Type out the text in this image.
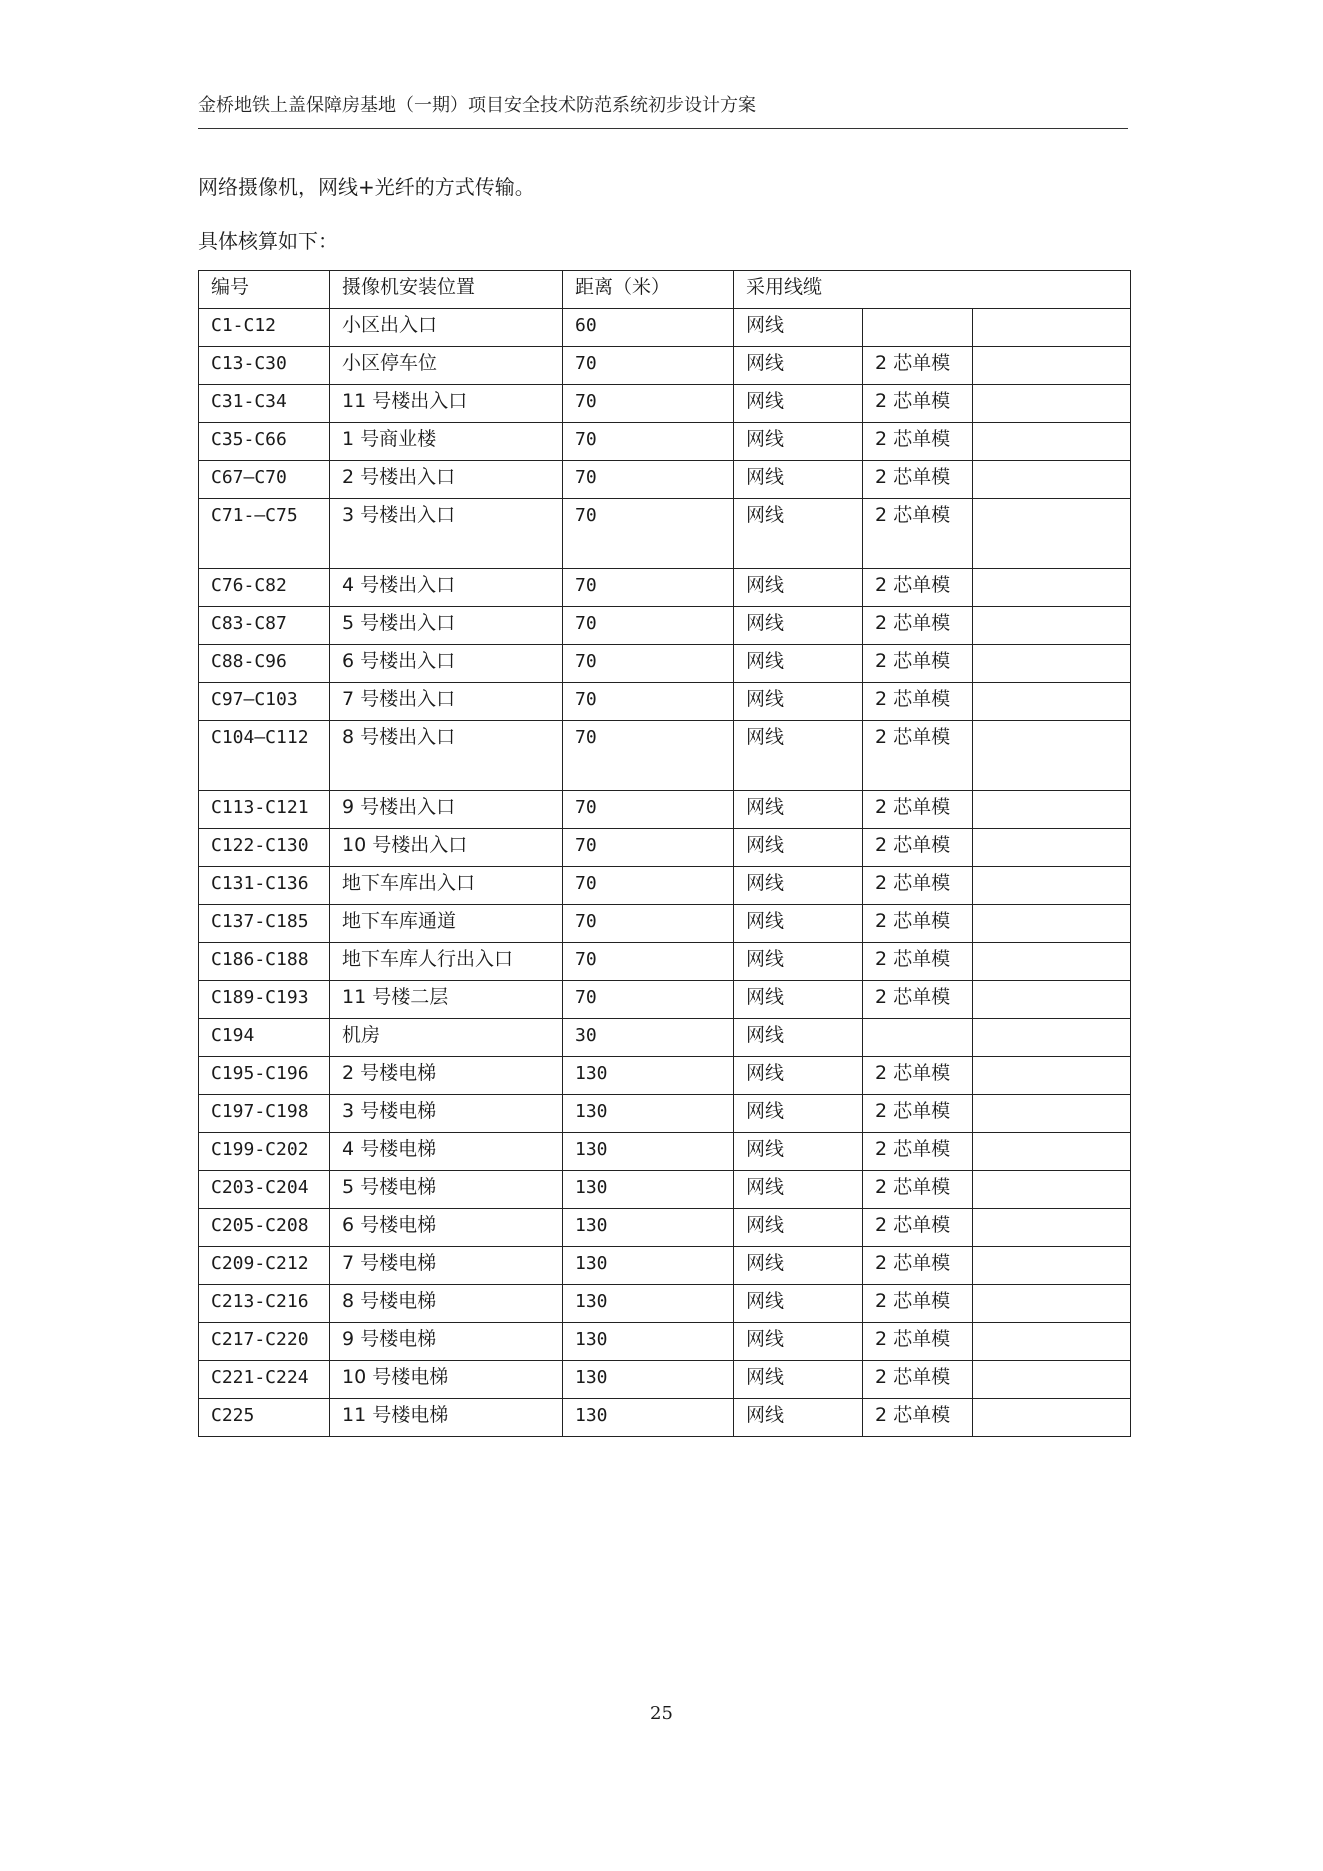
金桥地铁上盖保障房基地（一期）项目安全技术防范系统初步设计方案
网络摄像机，网线+光纤的方式传输。
具体核算如下：
编号	摄像机安装位置	距离（米）	采用线缆		
C1-C12	小区出入口	60	网线		
C13-C30	小区停车位	70	网线	2 芯单模	
C31-C34	11 号楼出入口	70	网线	2 芯单模	
C35-C66	1 号商业楼	70	网线	2 芯单模	
C67—C70	2 号楼出入口	70	网线	2 芯单模	
C71-—C75	3 号楼出入口	70	网线	2 芯单模	
C76-C82	4 号楼出入口	70	网线	2 芯单模	
C83-C87	5 号楼出入口	70	网线	2 芯单模	
C88-C96	6 号楼出入口	70	网线	2 芯单模	
C97—C103	7 号楼出入口	70	网线	2 芯单模	

C104—C112	8 号楼出入口	70	网线	2 芯单模	
C113-C121	9 号楼出入口	70	网线	2 芯单模	
C122-C130	10 号楼出入口	70	网线	2 芯单模	
C131-C136	地下车库出入口	70	网线	2 芯单模	
C137-C185	地下车库通道	70	网线	2 芯单模	
C186-C188	地下车库人行出入口	70	网线	2 芯单模	
C189-C193	11 号楼二层	70	网线	2 芯单模	
C194	机房	30	网线		
C195-C196	2 号楼电梯	130	网线	2 芯单模	
C197-C198	3 号楼电梯	130	网线	2 芯单模	
C199-C202	4 号楼电梯	130	网线	2 芯单模	
C203-C204	5 号楼电梯	130	网线	2 芯单模	
C205-C208	6 号楼电梯	130	网线	2 芯单模	
C209-C212	7 号楼电梯	130	网线	2 芯单模	
C213-C216	8 号楼电梯	130	网线	2 芯单模	
C217-C220	9 号楼电梯	130	网线	2 芯单模	
C221-C224	10 号楼电梯	130	网线	2 芯单模	
C225	11 号楼电梯	130	网线	2 芯单模	
25
